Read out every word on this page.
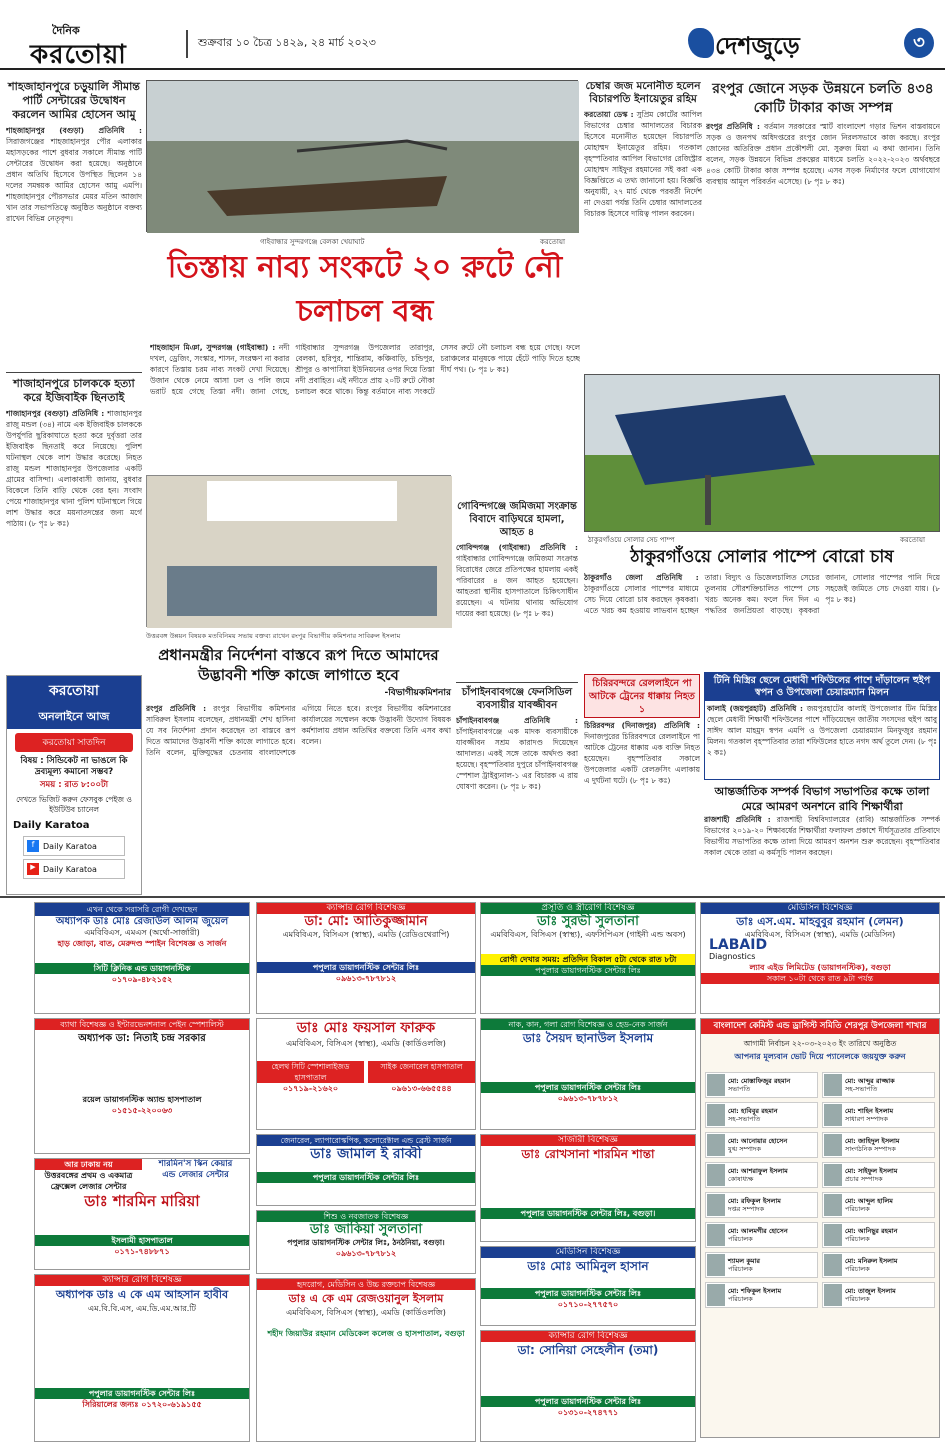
দৈনিক
করতোয়া	শুক্রবার ১০ চৈত্র ১৪২৯, ২৪ মার্চ ২০২৩	দেশজুড়ে	৩
শাহজাহানপুরে চড়ুয়ালি সীমান্ত পার্টি সেন্টারের উদ্বোধন করলেন আমির হোসেন আমু
শাহজাহানপুর (বগুড়া) প্রতিনিধি : সিরাজগঞ্জের শাহজাহানপুর পৌর এলাকার মহাসড়কের পাশে বুধবার সকালে সীমান্ত পার্টি সেন্টারের উদ্বোধন করা হয়েছে। অনুষ্ঠানে প্রধান অতিথি হিসেবে উপস্থিত ছিলেন ১৪ দলের সমন্বয়ক আমির হোসেন আমু এমপি। শাহজাহানপুর পৌরসভার মেয়র মতিন আজাদ খান তার সভাপতিত্বে অনুষ্ঠিত অনুষ্ঠানে বক্তব্য রাখেন বিভিন্ন নেতৃবৃন্দ।
শাজাহানপুরে চালককে হত্যা করে ইজিবাইক ছিনতাই
শাজাহানপুর (বগুড়া) প্রতিনিধি : শাজাহানপুর রাজু মন্ডল (৩৪) নামে এক ইজিবাইক চালককে উপর্যুপরি ছুরিকাঘাতে হত্যা করে দুর্বৃত্তরা তার ইজিবাইক ছিনতাই করে নিয়েছে। পুলিশ ঘটনাস্থল থেকে লাশ উদ্ধার করেছে। নিহত রাজু মন্ডল শাজাহানপুর উপজেলার একটি গ্রামের বাসিন্দা। এলাকাবাসী জানায়, বুধবার বিকেলে তিনি বাড়ি থেকে বের হন। সংবাদ পেয়ে শাজাহানপুর থানা পুলিশ ঘটনাস্থলে গিয়ে লাশ উদ্ধার করে ময়নাতদন্তের জন্য মর্গে পাঠায়। (৮ পৃঃ ৮ কঃ)
করতোয়া
অনলাইনে আজ
করতোয়া সাতদিন
বিষয় : সিন্ডিকেট না ভাঙলে কি দ্রব্যমূল্য কমানো সম্ভব?
সময় : রাত ৮:০০টা
দেখতে ভিজিট করুন ফেসবুক পেইজ ও ইউটিউব চ্যানেল
Daily Karatoa
f	Daily Karatoa
▶ Daily Karatoa
গাইবান্ধার সুন্দরগঞ্জে বেলকা খেয়াঘাট	করতোয়া
তিস্তায় নাব্য সংকটে ২০ রুটে নৌ চলাচল বন্ধ
শাহজাহান মিঞা, সুন্দরগঞ্জ (গাইবান্ধা) : নদী দখল, ড্রেজিং, সংস্কার, শাসন, সংরক্ষণ না করার কারণে তিস্তায় চরম নাব্য সংকট দেখা দিয়েছে। উজান থেকে নেমে আসা ঢল ও পলি জমে ভরাট হয়ে গেছে তিস্তা নদী। জানা গেছে, গাইবান্ধার সুন্দরগঞ্জ উপজেলার তারাপুর, বেলকা, হরিপুর, শান্তিরাম, কঞ্চিবাড়ি, চন্ডিপুর, শ্রীপুর ও কাপাসিয়া ইউনিয়নের ওপর দিয়ে তিস্তা নদী প্রবাহিত। এই নদীতে প্রায় ২০টি রুটে নৌকা চলাচল করে থাকে। কিন্তু বর্তমানে নাব্য সংকটে সেসব রুটে নৌ চলাচল বন্ধ হয়ে গেছে। ফলে চরাঞ্চলের মানুষকে পায়ে হেঁটে পাড়ি দিতে হচ্ছে দীর্ঘ পথ। (৮ পৃঃ ৮ কঃ)
উত্তরবঙ্গ উন্নয়ন বিষয়ক মতবিনিময় সভায় বক্তব্য রাখেন রংপুর বিভাগীয় কমিশনার সাবিরুল ইসলাম
প্রধানমন্ত্রীর নির্দেশনা বাস্তবে রূপ দিতে আমাদের উদ্ভাবনী শক্তি কাজে লাগাতে হবে
-বিভাগীয়কমিশনার
রংপুর প্রতিনিধি : রংপুর বিভাগীয় কমিশনার সাবিরুল ইসলাম বলেছেন, প্রধানমন্ত্রী শেখ হাসিনা যে সব নির্দেশনা প্রদান করেছেন তা বাস্তবে রূপ দিতে আমাদের উদ্ভাবনী শক্তি কাজে লাগাতে হবে। তিনি বলেন, মুক্তিযুদ্ধের চেতনায় বাংলাদেশকে এগিয়ে নিতে হবে। রংপুর বিভাগীয় কমিশনারের কার্যালয়ের সম্মেলন কক্ষে উদ্ভাবনী উদ্যোগ বিষয়ক কর্মশালায় প্রধান অতিথির বক্তব্যে তিনি এসব কথা বলেন।
গোবিন্দগঞ্জে জমিজমা সংক্রান্ত বিবাদে বাড়িঘরে হামলা, আহত ৪
গোবিন্দগঞ্জ (গাইবান্ধা) প্রতিনিধি : গাইবান্ধার গোবিন্দগঞ্জে জমিজমা সংক্রান্ত বিরোধের জেরে প্রতিপক্ষের হামলায় একই পরিবারের ৪ জন আহত হয়েছেন। আহতরা স্থানীয় হাসপাতালে চিকিৎসাধীন রয়েছেন। এ ঘটনায় থানায় অভিযোগ দায়ের করা হয়েছে। (৮ পৃঃ ৮ কঃ)
চাঁপাইনবাবগঞ্জে ফেনসিডিল ব্যবসায়ীর যাবজ্জীবন
চাঁপাইনবাবগঞ্জ প্রতিনিধি : চাঁপাইনবাবগঞ্জে এক মাদক ব্যবসায়ীকে যাবজ্জীবন সশ্রম কারাদণ্ড দিয়েছেন আদালত। একই সঙ্গে তাকে অর্থদণ্ড করা হয়েছে। বৃহস্পতিবার দুপুরে চাঁপাইনবাবগঞ্জ স্পেশাল ট্রাইব্যুনাল-১ এর বিচারক এ রায় ঘোষণা করেন। (৮ পৃঃ ৮ কঃ)
চেম্বার জজ মনোনীত হলেন বিচারপতি ইনায়েতুর রহিম
করতোয়া ডেস্ক : সুপ্রিম কোর্টের আপিল বিভাগের চেম্বার আদালতের বিচারক হিসেবে মনোনীত হয়েছেন বিচারপতি মোহাম্মদ ইনায়েতুর রহিম। গতকাল বৃহস্পতিবার আপিল বিভাগের রেজিস্ট্রার মোহাম্মদ সাইফুর রহমানের সই করা এক বিজ্ঞপ্তিতে এ তথ্য জানানো হয়। বিজ্ঞপ্তি অনুযায়ী, ২৭ মার্চ থেকে পরবর্তী নির্দেশ না দেওয়া পর্যন্ত তিনি চেম্বার আদালতের বিচারক হিসেবে দায়িত্ব পালন করবেন।
রংপুর জোনে সড়ক উন্নয়নে চলতি ৪৩৪ কোটি টাকার কাজ সম্পন্ন
রংপুর প্রতিনিধি : বর্তমান সরকারের স্মার্ট বাংলাদেশ গড়ার ভিশন বাস্তবায়নে সড়ক ও জনপথ অধিদপ্তরের রংপুর জোন নিরলসভাবে কাজ করছে। রংপুর জোনের অতিরিক্ত প্রধান প্রকৌশলী মো. সুরুজ মিয়া এ কথা জানান। তিনি বলেন, সড়ক উন্নয়নে বিভিন্ন প্রকল্পের মাধ্যমে চলতি ২০২২-২০২৩ অর্থবছরে ৪৩৪ কোটি টাকার কাজ সম্পন্ন হয়েছে। এসব সড়ক নির্মাণের ফলে যোগাযোগ ব্যবস্থায় আমূল পরিবর্তন এসেছে। (৮ পৃঃ ৮ কঃ)
ঠাকুরগাঁওয়ে সোলার সেচ পাম্প	করতোয়া
ঠাকুরগাঁওয়ে সোলার পাম্পে বোরো চাষ
ঠাকুরগাঁও জেলা প্রতিনিধি : ঠাকুরগাঁওয়ে সোলার পাম্পের মাধ্যমে সেচ দিয়ে বোরো চাষ করছেন কৃষকরা। এতে খরচ কম হওয়ায় লাভবান হচ্ছেন তারা। বিদ্যুৎ ও ডিজেলচালিত সেচের তুলনায় সৌরশক্তিচালিত পাম্পে সেচ খরচ অনেক কম। ফলে দিন দিন এ পদ্ধতির জনপ্রিয়তা বাড়ছে। কৃষকরা জানান, সোলার পাম্পের পানি দিয়ে সহজেই জমিতে সেচ দেওয়া যায়। (৮ পৃঃ ৮ কঃ)
চিরিরবন্দরে রেললাইনে পা আটকে ট্রেনের ধাক্কায় নিহত ১
চিরিরবন্দর (দিনাজপুর) প্রতিনিধি : দিনাজপুরের চিরিরবন্দরে রেললাইনে পা আটকে ট্রেনের ধাক্কায় এক ব্যক্তি নিহত হয়েছেন। বৃহস্পতিবার সকালে উপজেলার একটি রেলক্রসিং এলাকায় এ দুর্ঘটনা ঘটে। (৮ পৃঃ ৮ কঃ)
টিনি মিস্ত্রির ছেলে মেধাবী শফিউলের পাশে দাঁড়ালেন হুইপ স্বপন ও উপজেলা চেয়ারম্যান মিলন
কালাই (জয়পুরহাট) প্রতিনিধি : জয়পুরহাটের কালাই উপজেলার টিন মিস্ত্রির ছেলে মেধাবী শিক্ষার্থী শফিউলের পাশে দাঁড়িয়েছেন জাতীয় সংসদের হুইপ আবু সাঈদ আল মাহমুদ স্বপন এমপি ও উপজেলা চেয়ারম্যান মিনফুজুর রহমান মিলন। গতকাল বৃহস্পতিবার তারা শফিউলের হাতে নগদ অর্থ তুলে দেন। (৮ পৃঃ ২ কঃ)
আন্তর্জাতিক সম্পর্ক বিভাগ সভাপতির কক্ষে তালা মেরে আমরণ অনশনে রাবি শিক্ষার্থীরা
রাজশাহী প্রতিনিধি : রাজশাহী বিশ্ববিদ্যালয়ের (রাবি) আন্তর্জাতিক সম্পর্ক বিভাগের ২০১৯-২০ শিক্ষাবর্ষের শিক্ষার্থীরা ফলাফল প্রকাশে দীর্ঘসূত্রতার প্রতিবাদে বিভাগীয় সভাপতির কক্ষে তালা দিয়ে আমরণ অনশন শুরু করেছেন। বৃহস্পতিবার সকাল থেকে তারা এ কর্মসূচি পালন করছেন।
এখন থেকে সরাসরি রোগী দেখছেন
অধ্যাপক ডাঃ মোঃ রেজাউল আলম জুয়েল
এমবিবিএস, এমএস (অর্থো-সার্জারী)
হাড় জোড়া, বাত, মেরুদণ্ড স্পাইন বিশেষজ্ঞ ও সার্জন
সিটি ক্লিনিক এন্ড ডায়াগনস্টিক
০১৭০৯-৪৮২১৫২
ক্যান্সার রোগ বিশেষজ্ঞ
ডা: মো: আতিকুজ্জামান
এমবিবিএস, বিসিএস (স্বাস্থ্য), এমডি (রেডিওথেরাপি)
পপুলার ডায়াগনস্টিক সেন্টার লিঃ
০৯৬১৩-৭৮৭৮১২
প্রসূতি ও স্ত্রীরোগ বিশেষজ্ঞ
ডাঃ সুরভী সুলতানা
এমবিবিএস, বিসিএস (স্বাস্থ্য), এফসিপিএস (গাইনী এন্ড অবস)
রোগী দেখার সময়: প্রতিদিন বিকাল ৫টা থেকে রাত ৮টা
পপুলার ডায়াগনস্টিক সেন্টার লিঃ
মেডিসিন বিশেষজ্ঞ
ডাঃ এস.এম. মাহবুবুর রহমান (লেমন)
এমবিবিএস, বিসিএস (স্বাস্থ্য), এমডি (মেডিসিন)
LABAID
Diagnostics
ল্যাব এইড লিমিটেড (ডায়াগনস্টিক), বগুড়া
সকাল ১০টা থেকে রাত ৯টা পর্যন্ত
ব্যাথা বিশেষজ্ঞ ও ইন্টারভেনশনাল পেইন স্পেশালিস্ট
অধ্যাপক ডা: নিতাই চন্দ্র সরকার
রয়েল ডায়াগনস্টিক অ্যান্ড হাসপাতাল
০১৫১৫-২২০০৬৩
ডাঃ মোঃ ফয়সাল ফারুক
এমবিবিএস, বিসিএস (স্বাস্থ্য), এমডি (কার্ডিওলজি)
হেলথ সিটি স্পেশালাইজড হাসপাতাল
সাইক জেনারেল হাসপাতাল
০১৭১৯-২১৬২০	০৯৬১৩-৬৬৫৫৪৪
নাক, কান, গলা রোগ বিশেষজ্ঞ ও হেড-নেক সার্জন
ডাঃ সৈয়দ ছানাউল ইসলাম
পপুলার ডায়াগনস্টিক সেন্টার লিঃ
০৯৬১৩-৭৮৭৮১২
বাংলাদেশ কেমিস্ট এন্ড ড্রাগিস্ট সমিতি শেরপুর উপজেলা শাখার
আগামী নির্বাচন ২২-০৩-২০২৩ ইং তারিখে অনুষ্ঠিত
আপনার মূল্যবান ভোট দিয়ে প্যানেলকে জয়যুক্ত করুন
মো: মোস্তাফিজুর রহমান
সভাপতি
মো: আব্দুর রাজ্জাক
সহ-সভাপতি
মো: হাবিবুর রহমান
সহ-সভাপতি
মো: শাহিন ইসলাম
সাধারণ সম্পাদক
মো: আনোয়ার হোসেন
যুগ্ম সম্পাদক
মো: জাহিদুল ইসলাম
সাংগঠনিক সম্পাদক
মো: আশরাফুল ইসলাম
কোষাধ্যক্ষ
মো: সাইফুল ইসলাম
প্রচার সম্পাদক
মো: রফিকুল ইসলাম
দপ্তর সম্পাদক
মো: আব্দুল হালিম
পরিচালক
মো: আলমগীর হোসেন
পরিচালক
মো: আনিছুর রহমান
পরিচালক
শ্যামল কুমার
পরিচালক
মো: মনিরুল ইসলাম
পরিচালক
মো: শফিকুল ইসলাম
পরিচালক
মো: তাজুল ইসলাম
পরিচালক
আর ঢাকায় নয়
উত্তরবঙ্গের প্রথম ও একমাত্র
ফ্রেক্সেল লেজার সেন্টার
শারমিন'স স্কিন কেয়ার
এন্ড লেজার সেন্টার
ডাঃ শারমিন মারিয়া
ইসলামী হাসপাতাল
০১৭১-৭৪৮৮৭১
জেনারেল, ল্যাপারোস্কপিক, কলোরেক্টাল এন্ড ব্রেস্ট সার্জন
ডাঃ জামাল ই রাব্বী
পপুলার ডায়াগনস্টিক সেন্টার লিঃ
সার্জারী বিশেষজ্ঞ
ডাঃ রোখসানা শারমিন শান্তা
পপুলার ডায়াগনস্টিক সেন্টার লিঃ, বগুড়া।
শিশু ও নবজাতক বিশেষজ্ঞ
ডাঃ জাকিয়া সুলতানা
পপুলার ডায়াগনস্টিক সেন্টার লিঃ, ঠনঠনিয়া, বগুড়া।
০৯৬১৩-৭৮৭৮১২	মেডিসিন বিশেষজ্ঞ
ডাঃ মোঃ আমিনুল হাসান
পপুলার ডায়াগনস্টিক সেন্টার লিঃ
০১৭১০-২৭৭৫৭০
ক্যান্সার রোগ বিশেষজ্ঞ
অধ্যাপক ডাঃ এ কে এম আহসান হাবীব
এম.বি.বি.এস, এম.ডি.এম.আর.টি
পপুলার ডায়াগনস্টিক সেন্টার লিঃ
সিরিয়ালের জন্যঃ ০১৭২০-৬১৯১৫৫
হৃদরোগ, মেডিসিন ও উচ্চ রক্তচাপ বিশেষজ্ঞ
ডাঃ এ কে এম রেজওয়ানুল ইসলাম
এমবিবিএস, বিসিএস (স্বাস্থ্য), এমডি (কার্ডিওলজি)
শহীদ জিয়াউর রহমান মেডিকেল কলেজ ও হাসপাতাল, বগুড়া	ক্যান্সার রোগ বিশেষজ্ঞ
ডা: সোনিয়া সেহেলীন (তমা)
পপুলার ডায়াগনস্টিক সেন্টার লিঃ
০১৩১০-২৭৪৭৭১
